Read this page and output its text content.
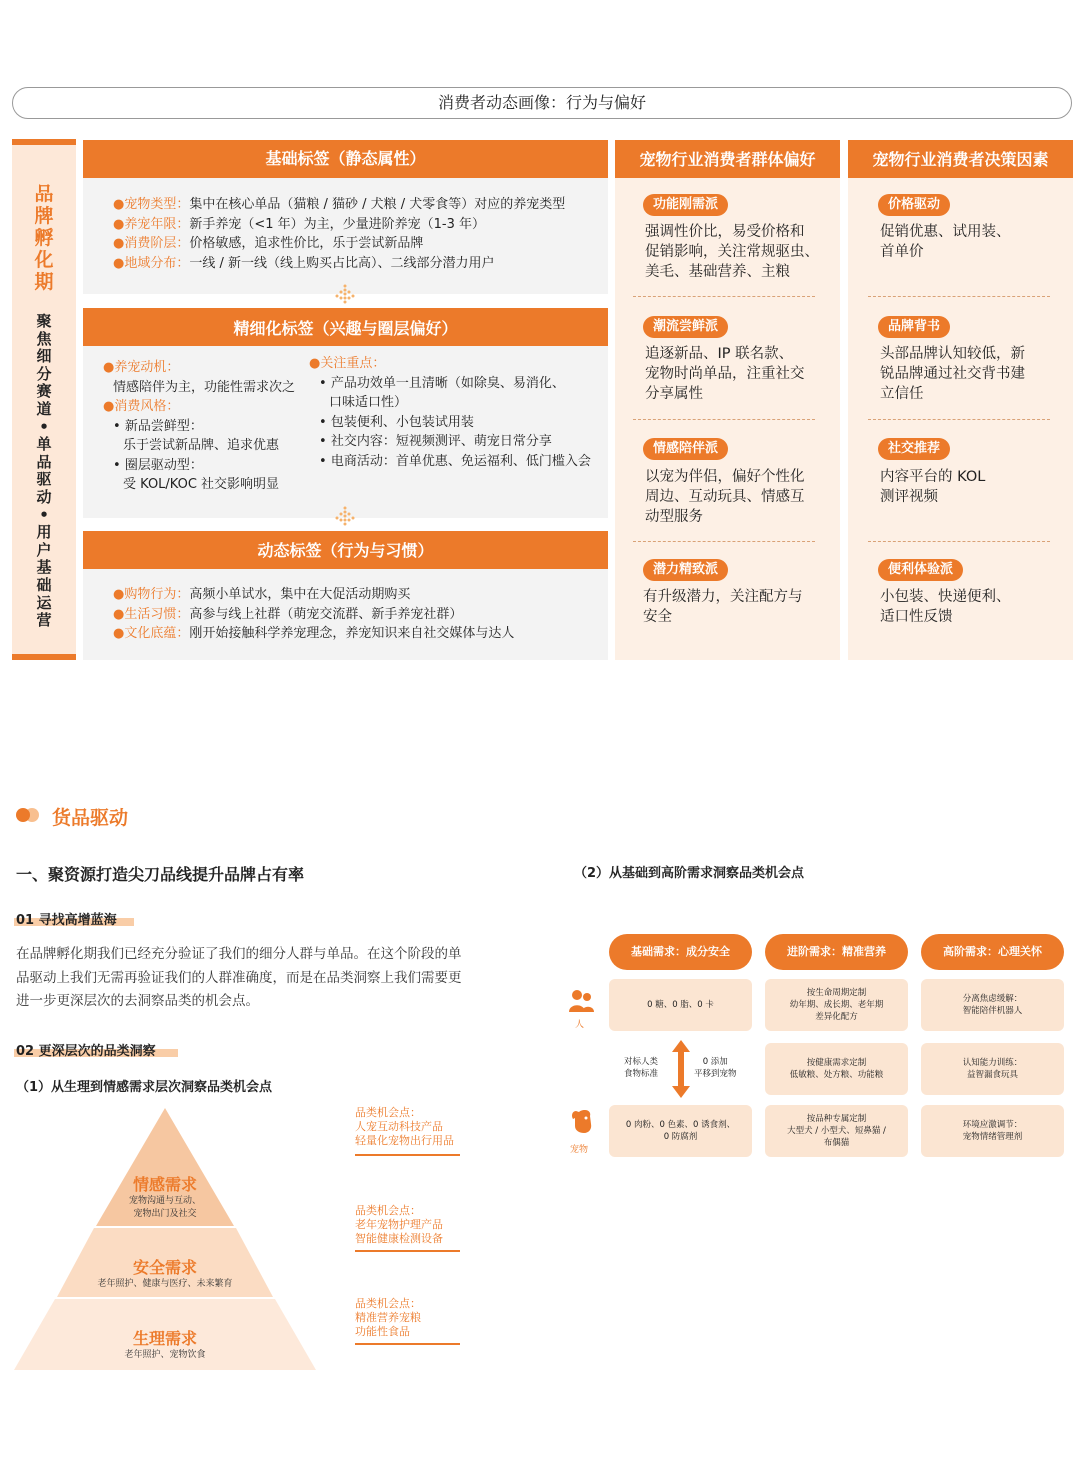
消费者动态画像：行为与偏好
品
牌
孵
化
期
聚
焦
细
分
赛
道
•
单
品
驱
动
•
用
户
基
础
运
营
基础标签（静态属性）
●宠物类型：集中在核心单品（猫粮 / 猫砂 / 犬粮 / 犬零食等）对应的养宠类型
●养宠年限：新手养宠（<1 年）为主，少量进阶养宠（1-3 年）
●消费阶层：价格敏感，追求性价比，乐于尝试新品牌
●地域分布：一线 / 新一线（线上购买占比高）、二线部分潜力用户
精细化标签（兴趣与圈层偏好）
●养宠动机：
情感陪伴为主，功能性需求次之
●消费风格：
• 新品尝鲜型：
乐于尝试新品牌、追求优惠
• 圈层驱动型：
受 KOL/KOC 社交影响明显
●关注重点：
• 产品功效单一且清晰（如除臭、易消化、
口味适口性）
• 包装便利、小包装试用装
• 社交内容：短视频测评、萌宠日常分享
• 电商活动：首单优惠、免运福利、低门槛入会
动态标签（行为与习惯）
●购物行为：高频小单试水，集中在大促活动期购买
●生活习惯：高参与线上社群（萌宠交流群、新手养宠社群）
●文化底蕴：刚开始接触科学养宠理念，养宠知识来自社交媒体与达人
宠物行业消费者群体偏好
功能刚需派
强调性价比，易受价格和
促销影响，关注常规驱虫、
美毛、基础营养、主粮
潮流尝鲜派
追逐新品、IP 联名款、
宠物时尚单品，注重社交
分享属性
情感陪伴派
以宠为伴侣，偏好个性化
周边、互动玩具、情感互
动型服务
潜力精致派
有升级潜力，关注配方与
安全
宠物行业消费者决策因素
价格驱动
促销优惠、试用装、
首单价
品牌背书
头部品牌认知较低，新
锐品牌通过社交背书建
立信任
社交推荐
内容平台的 KOL
测评视频
便利体验派
小包装、快递便利、
适口性反馈
货品驱动
一、聚资源打造尖刀品线提升品牌占有率
01 寻找高增蓝海
在品牌孵化期我们已经充分验证了我们的细分人群与单品。在这个阶段的单
品驱动上我们无需再验证我们的人群准确度，而是在品类洞察上我们需要更
进一步更深层次的去洞察品类的机会点。
02 更深层次的品类洞察
（1）从生理到情感需求层次洞察品类机会点
（2）从基础到高阶需求洞察品类机会点
情感需求
宠物沟通与互动、
宠物出门及社交
安全需求
老年照护、健康与医疗、未来繁育
生理需求
老年照护、宠物饮食
品类机会点：
人宠互动科技产品
轻量化宠物出行用品
品类机会点：
老年宠物护理产品
智能健康检测设备
品类机会点：
精准营养宠粮
功能性食品
基础需求：成分安全	进阶需求：精准营养	高阶需求：心理关怀
人
宠物
0 糖、0 脂、0 卡
按生命周期定制
幼年期、成长期、老年期
差异化配方
分离焦虑缓解：
智能陪伴机器人
对标人类
食物标准
0 添加
平移到宠物
按健康需求定制
低敏粮、处方粮、功能粮
认知能力训练：
益智漏食玩具
0 肉粉、0 色素、0 诱食剂、
0 防腐剂
按品种专属定制
大型犬 / 小型犬、短鼻猫 /
布偶猫
环境应激调节：
宠物情绪管理剂
